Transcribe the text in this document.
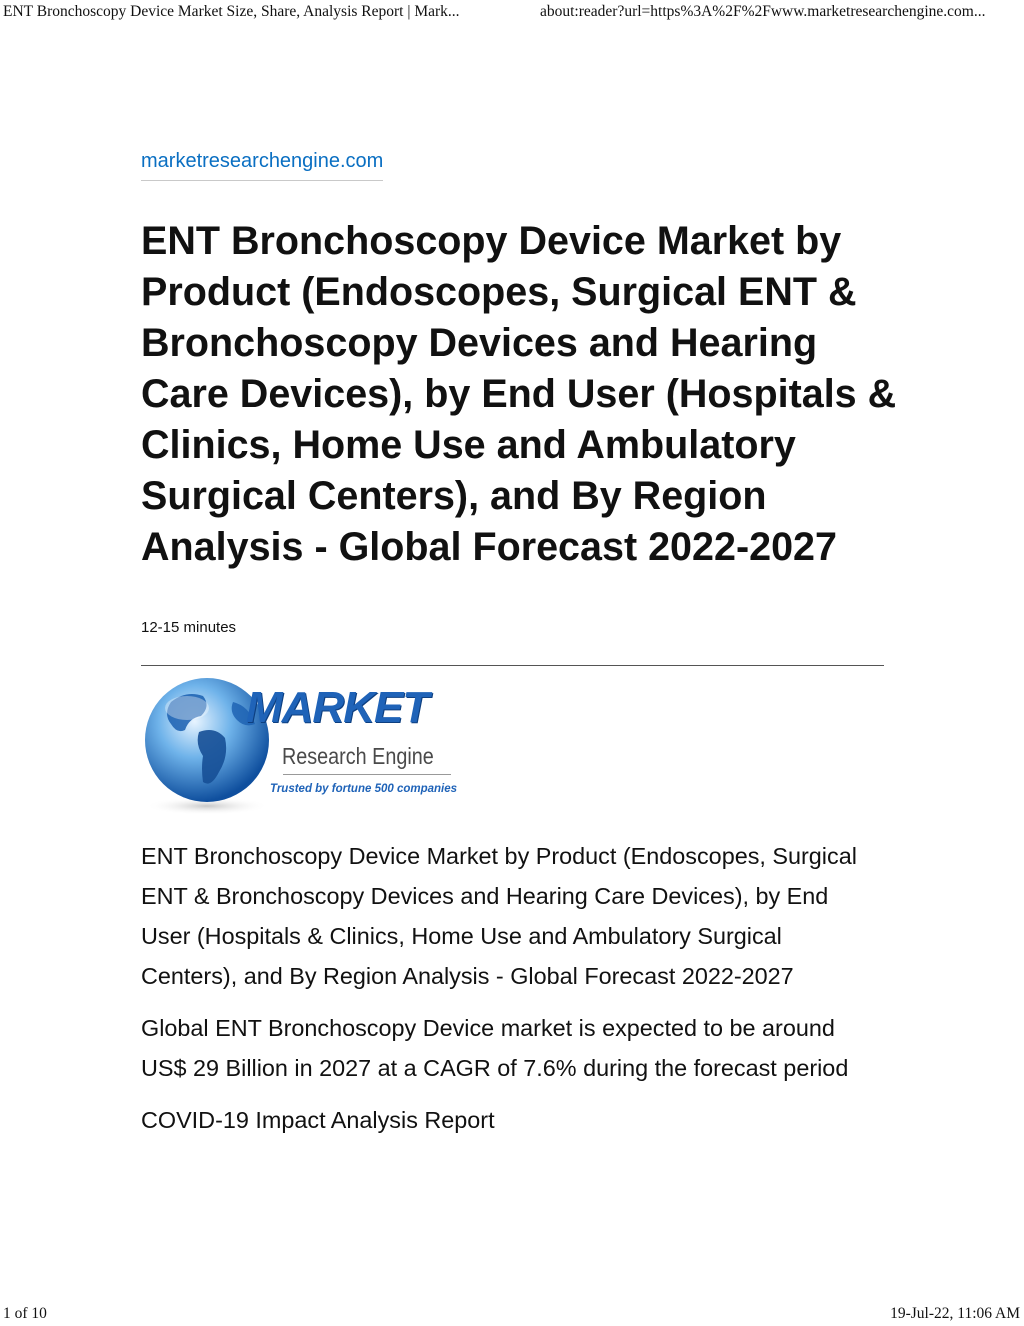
ENT Bronchoscopy Device Market Size, Share, Analysis Report | Mark...	about:reader?url=https%3A%2F%2Fwww.marketresearchengine.com...
marketresearchengine.com
ENT Bronchoscopy Device Market by Product (Endoscopes, Surgical ENT & Bronchoscopy Devices and Hearing Care Devices), by End User (Hospitals & Clinics, Home Use and Ambulatory Surgical Centers), and By Region Analysis - Global Forecast 2022-2027
12-15 minutes
MARKET
Research Engine
Trusted by fortune 500 companies

ENT Bronchoscopy Device Market by Product (Endoscopes, Surgical ENT & Bronchoscopy Devices and Hearing Care Devices), by End User (Hospitals & Clinics, Home Use and Ambulatory Surgical Centers), and By Region Analysis - Global Forecast 2022-2027

Global ENT Bronchoscopy Device market is expected to be around US$ 29 Billion in 2027 at a CAGR of 7.6% during the forecast period

COVID-19 Impact Analysis Report

1 of 10	19-Jul-22, 11:06 AM
